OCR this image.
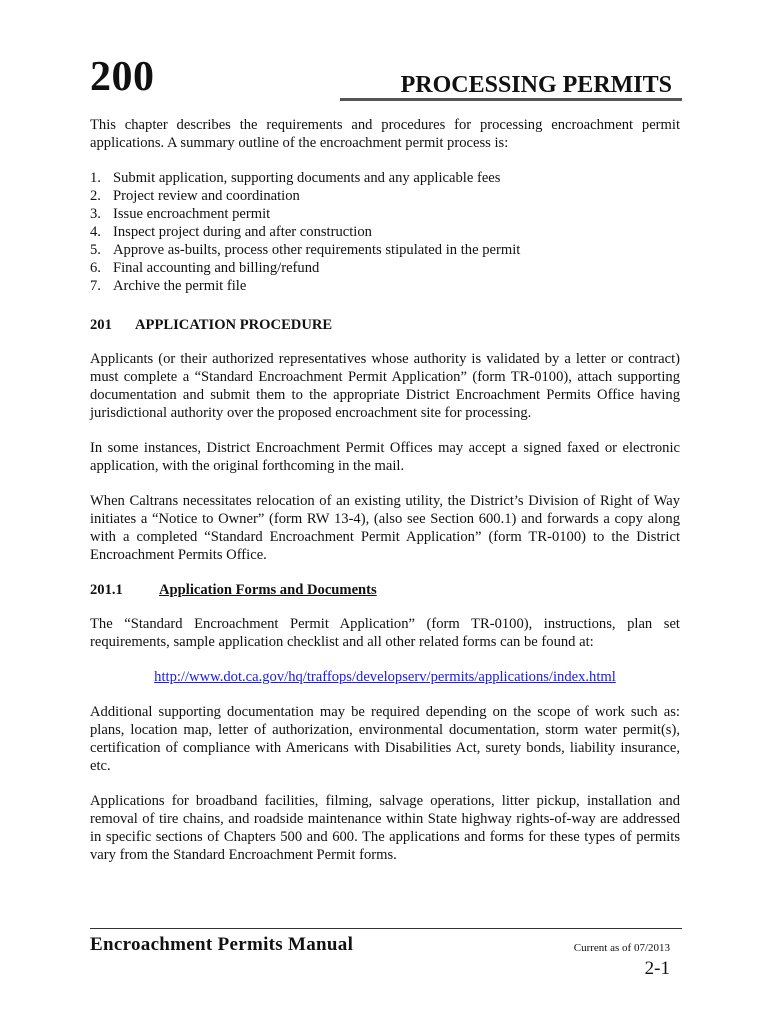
200	PROCESSING PERMITS

This chapter describes the requirements and procedures for processing encroachment permit applications. A summary outline of the encroachment permit process is:

1. Submit application, supporting documents and any applicable fees
2. Project review and coordination
3. Issue encroachment permit
4. Inspect project during and after construction
5. Approve as-builts, process other requirements stipulated in the permit
6. Final accounting and billing/refund
7. Archive the permit file
201	APPLICATION PROCEDURE

Applicants (or their authorized representatives whose authority is validated by a letter or contract) must complete a “Standard Encroachment Permit Application” (form TR-0100), attach supporting documentation and submit them to the appropriate District Encroachment Permits Office having jurisdictional authority over the proposed encroachment site for processing.

In some instances, District Encroachment Permit Offices may accept a signed faxed or electronic application, with the original forthcoming in the mail.

When Caltrans necessitates relocation of an existing utility, the District’s Division of Right of Way initiates a “Notice to Owner” (form RW 13-4), (also see Section 600.1) and forwards a copy along with a completed “Standard Encroachment Permit Application” (form TR-0100) to the District Encroachment Permits Office.

201.1	Application Forms and Documents

The “Standard Encroachment Permit Application” (form TR-0100), instructions, plan set requirements, sample application checklist and all other related forms can be found at:

http://www.dot.ca.gov/hq/traffops/developserv/permits/applications/index.html

Additional supporting documentation may be required depending on the scope of work such as: plans, location map, letter of authorization, environmental documentation, storm water permit(s), certification of compliance with Americans with Disabilities Act, surety bonds, liability insurance, etc.

Applications for broadband facilities, filming, salvage operations, litter pickup, installation and removal of tire chains, and roadside maintenance within State highway rights-of-way are addressed in specific sections of Chapters 500 and 600. The applications and forms for these types of permits vary from the Standard Encroachment Permit forms.

Encroachment Permits Manual	Current as of 07/2013
2-1
